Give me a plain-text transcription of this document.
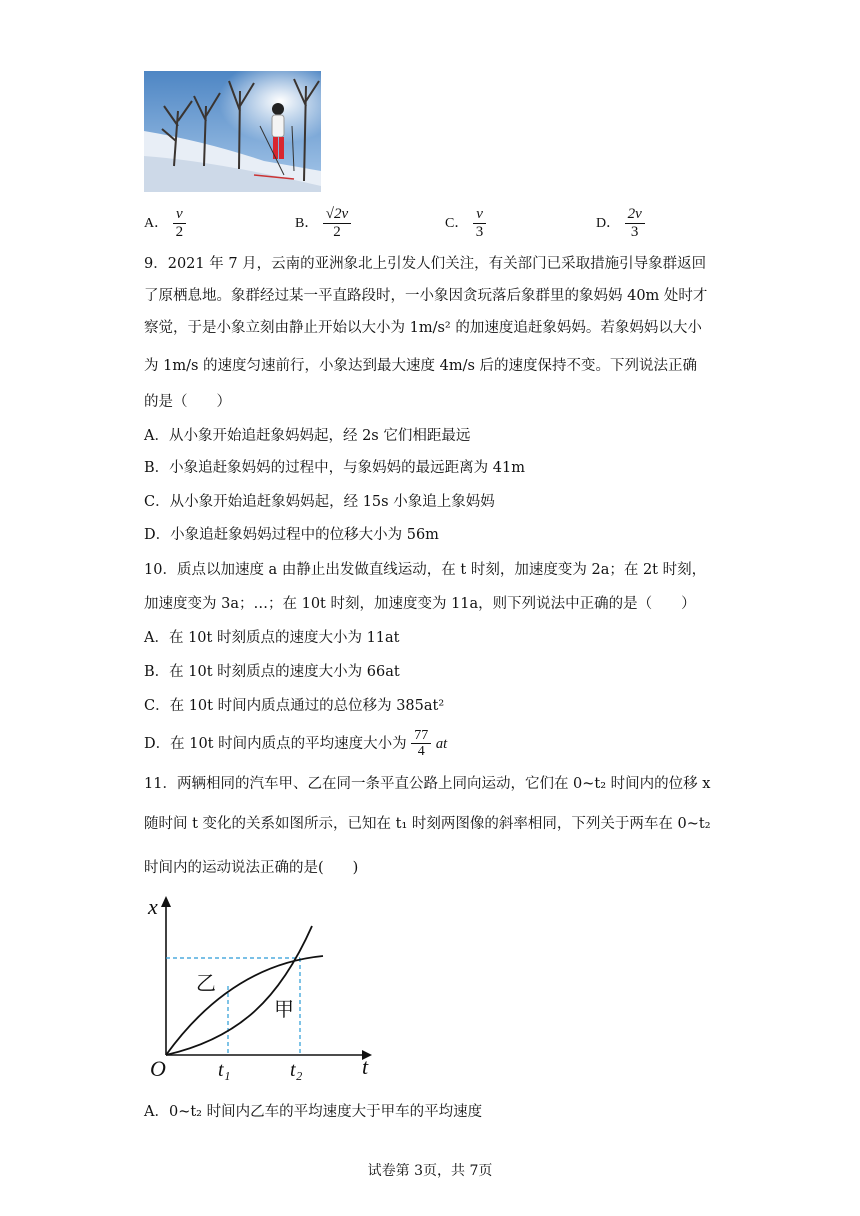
A． $\frac{v}{2}$	B． $\frac{√2v}{2}$	C． $\frac{v}{3}$	D． $\frac{2v}{3}$
9．2021 年 7 月，云南的亚洲象北上引发人们关注，有关部门已采取措施引导象群返回
了原栖息地。象群经过某一平直路段时，一小象因贪玩落后象群里的象妈妈 40m 处时才
察觉，于是小象立刻由静止开始以大小为 1m/s² 的加速度追赶象妈妈。若象妈妈以大小
为 1m/s 的速度匀速前行，小象达到最大速度 4m/s 后的速度保持不变。下列说法正确
的是（　　）
A．从小象开始追赶象妈妈起，经 2s 它们相距最远
B．小象追赶象妈妈的过程中，与象妈妈的最远距离为 41m
C．从小象开始追赶象妈妈起，经 15s 小象追上象妈妈
D．小象追赶象妈妈过程中的位移大小为 56m
10．质点以加速度 a 由静止出发做直线运动，在 t 时刻，加速度变为 2a；在 2t 时刻，
加速度变为 3a；…；在 10t 时刻，加速度变为 11a，则下列说法中正确的是（　　）
A．在 10t 时刻质点的速度大小为 11at
B．在 10t 时刻质点的速度大小为 66at
C．在 10t 时间内质点通过的总位移为 385at²
D．在 10t 时间内质点的平均速度大小为 $\frac{77}{4}$ at
11．两辆相同的汽车甲、乙在同一条平直公路上同向运动，它们在 0~t₂ 时间内的位移 x
随时间 t 变化的关系如图所示，已知在 t₁ 时刻两图像的斜率相同，下列关于两车在 0~t₂
时间内的运动说法正确的是(　　)
x
t
O	t₁	t₂
乙
甲
A．0~t₂ 时间内乙车的平均速度大于甲车的平均速度
试卷第 3页，共 7页
